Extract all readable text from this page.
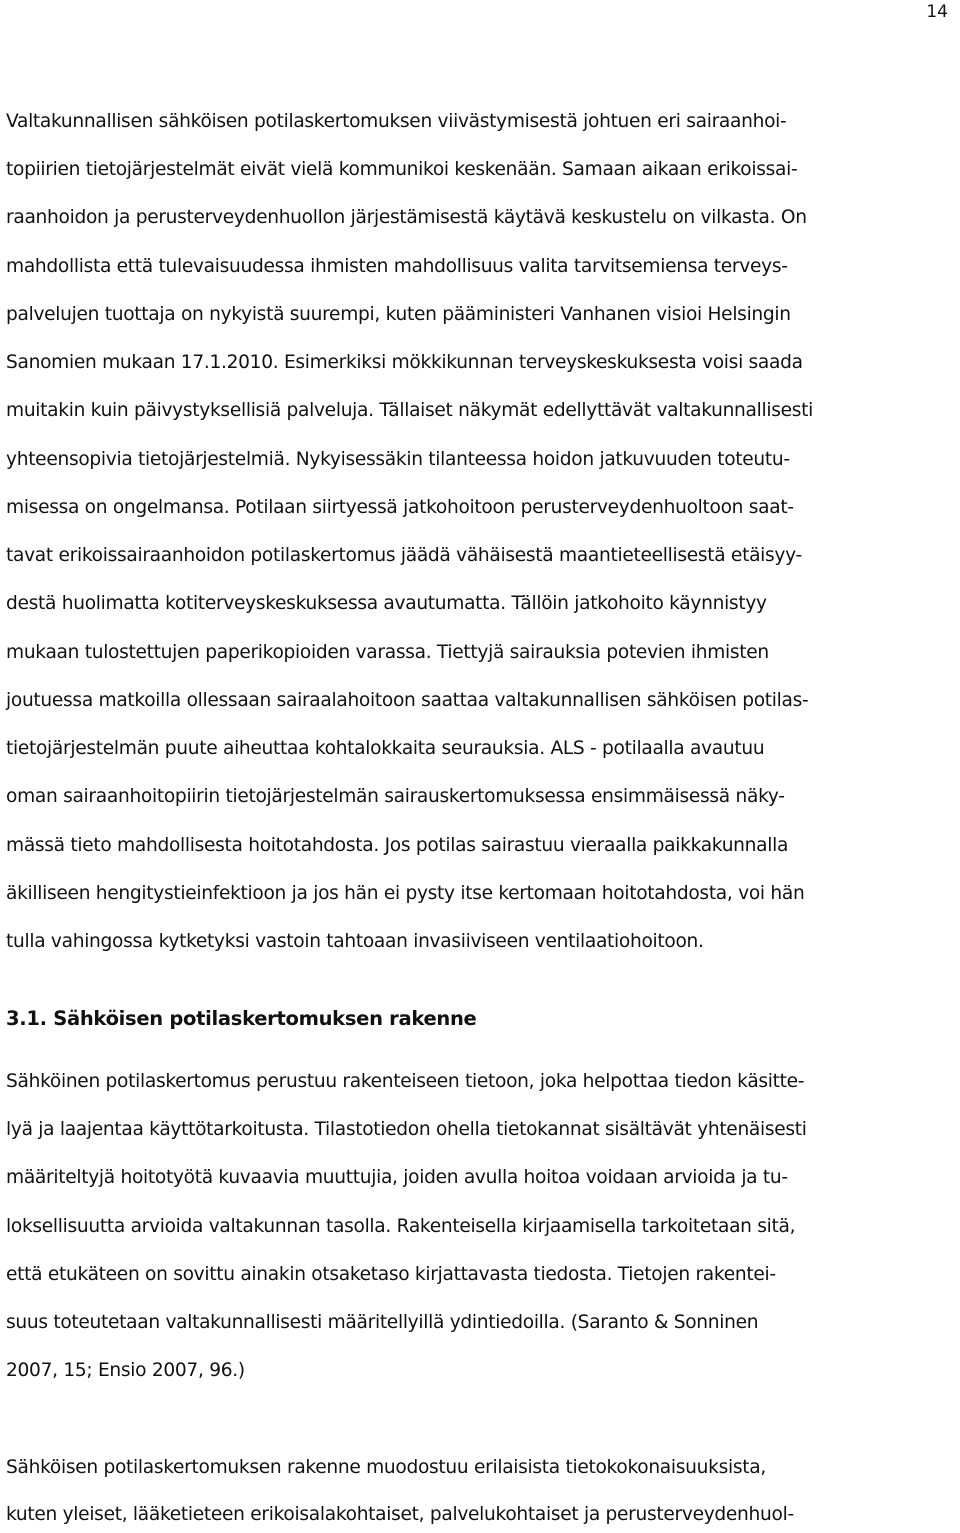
14
Valtakunnallisen sähköisen potilaskertomuksen viivästymisestä johtuen eri sairaanhoi-
topiirien tietojärjestelmät eivät vielä kommunikoi keskenään. Samaan aikaan erikoissai-
raanhoidon ja perusterveydenhuollon järjestämisestä käytävä keskustelu on vilkasta. On
mahdollista että tulevaisuudessa ihmisten mahdollisuus valita tarvitsemiensa terveys-
palvelujen tuottaja on nykyistä suurempi, kuten pääministeri Vanhanen visioi Helsingin
Sanomien mukaan 17.1.2010. Esimerkiksi mökkikunnan terveyskeskuksesta voisi saada
muitakin kuin päivystyksellisiä palveluja. Tällaiset näkymät edellyttävät valtakunnallisesti
yhteensopivia tietojärjestelmiä. Nykyisessäkin tilanteessa hoidon jatkuvuuden toteutu-
misessa on ongelmansa. Potilaan siirtyessä jatkohoitoon perusterveydenhuoltoon saat-
tavat erikoissairaanhoidon potilaskertomus jäädä vähäisestä maantieteellisestä etäisyy-
destä huolimatta kotiterveyskeskuksessa avautumatta. Tällöin jatkohoito käynnistyy
mukaan tulostettujen paperikopioiden varassa. Tiettyjä sairauksia potevien ihmisten
joutuessa matkoilla ollessaan sairaalahoitoon saattaa valtakunnallisen sähköisen potilas-
tietojärjestelmän puute aiheuttaa kohtalokkaita seurauksia. ALS - potilaalla avautuu
oman sairaanhoitopiirin tietojärjestelmän sairauskertomuksessa ensimmäisessä näky-
mässä tieto mahdollisesta hoitotahdosta. Jos potilas sairastuu vieraalla paikkakunnalla
äkilliseen hengitystieinfektioon ja jos hän ei pysty itse kertomaan hoitotahdosta, voi hän
tulla vahingossa kytketyksi vastoin tahtoaan invasiiviseen ventilaatiohoitoon.
3.1. Sähköisen potilaskertomuksen rakenne
Sähköinen potilaskertomus perustuu rakenteiseen tietoon, joka helpottaa tiedon käsitte-
lyä ja laajentaa käyttötarkoitusta. Tilastotiedon ohella tietokannat sisältävät yhtenäisesti
määriteltyjä hoitotyötä kuvaavia muuttujia, joiden avulla hoitoa voidaan arvioida ja tu-
loksellisuutta arvioida valtakunnan tasolla. Rakenteisella kirjaamisella tarkoitetaan sitä,
että etukäteen on sovittu ainakin otsaketaso kirjattavasta tiedosta. Tietojen rakentei-
suus toteutetaan valtakunnallisesti määritellyillä ydintiedoilla. (Saranto & Sonninen
2007, 15; Ensio 2007, 96.)
Sähköisen potilaskertomuksen rakenne muodostuu erilaisista tietokokonaisuuksista,
kuten yleiset, lääketieteen erikoisalakohtaiset, palvelukohtaiset ja perusterveydenhuol-
